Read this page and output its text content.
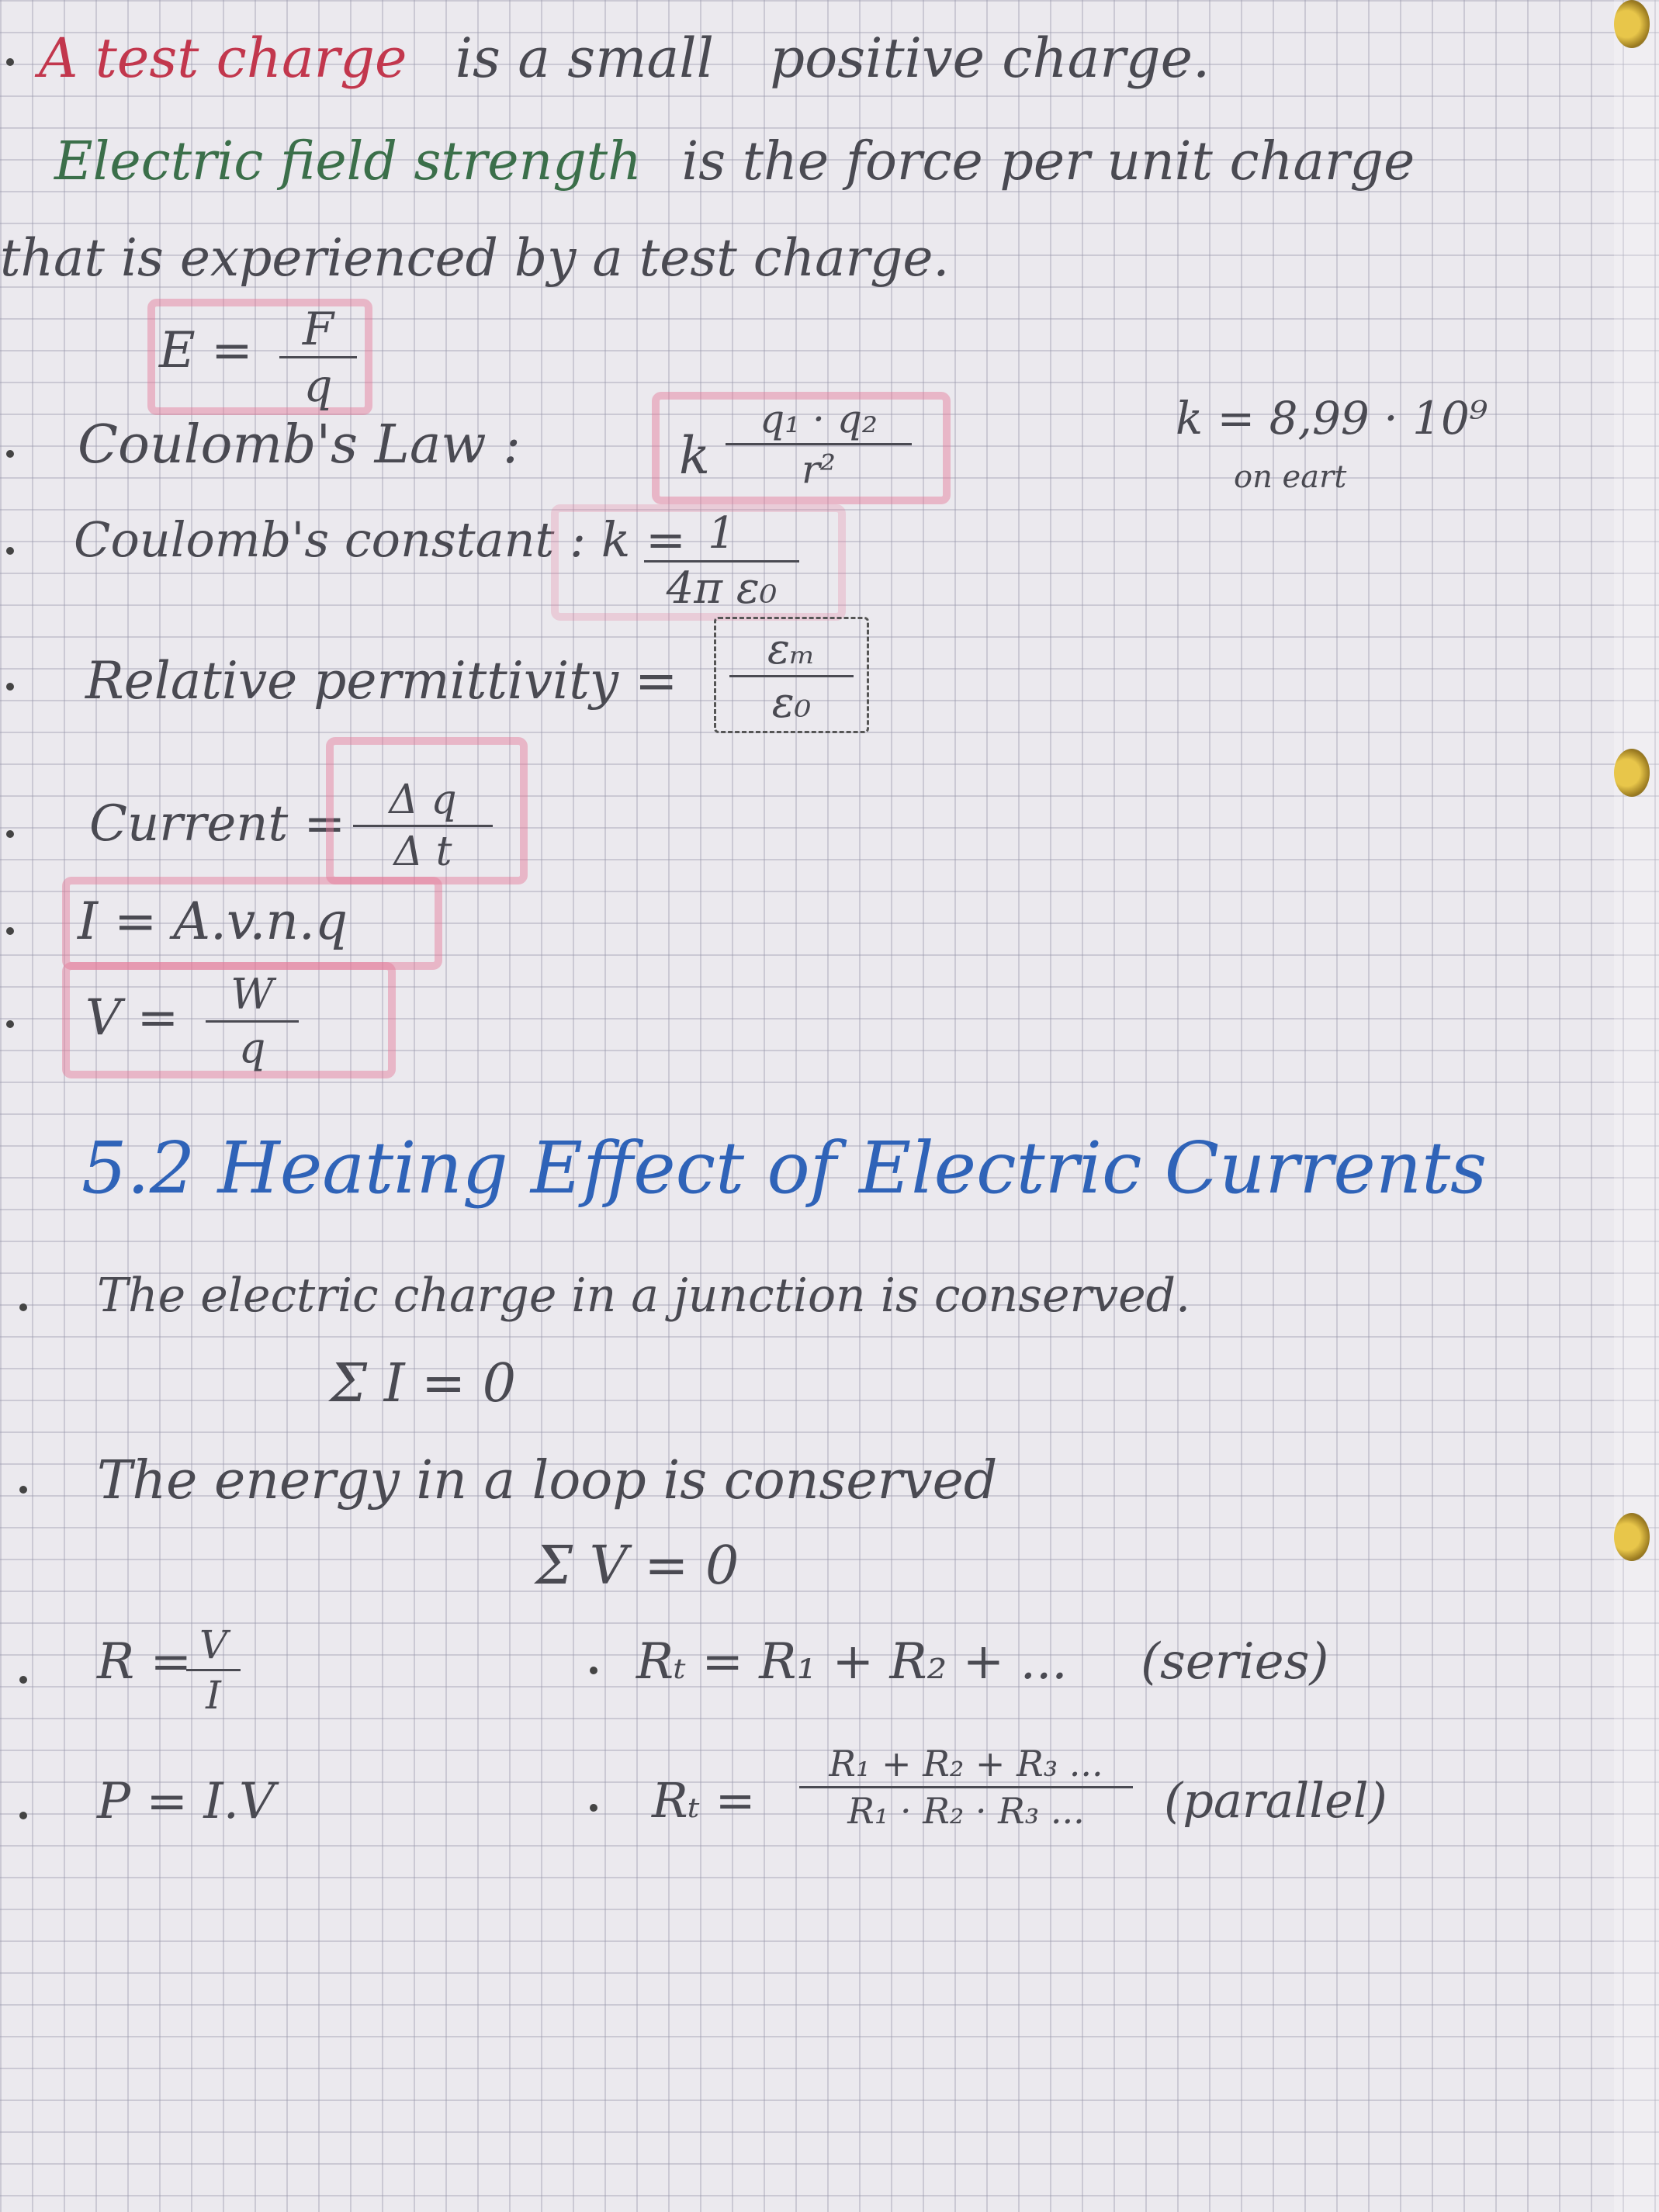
A test charge is a small positive charge.
Electric field strength is the force per unit charge
that is experienced by a test charge.
E =	F
q
Coulomb's Law :	k
q₁ · q₂
r²
k = 8,99 · 10⁹
on eart
Coulomb's constant : k = 1
4π ε₀
Relative permittivity =
εₘ
ε₀
Current =	Δ q
Δ t
I = A.v.n.q
V =	W
q
5.2 Heating Effect of Electric Currents
The electric charge in a junction is conserved.
Σ I = 0
The energy in a loop is conserved
Σ V = 0
R = V
I
Rₜ = R₁ + R₂ + ... (series)
P = I.V	Rₜ =
R₁ + R₂ + R₃ ...
R₁ · R₂ · R₃ ...	(parallel)
